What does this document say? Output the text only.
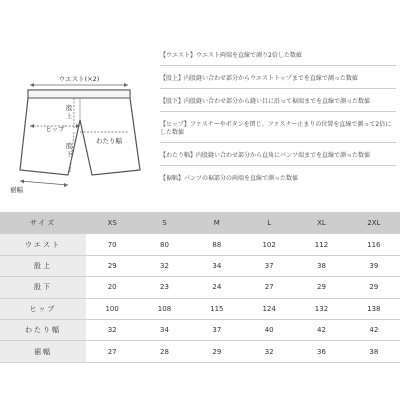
ウエスト(×2)
股
上
ヒップ
わたり幅
股
下
裾幅
【ウエスト】ウエスト両端を直線で測り2倍した数値
【股上】内股縫い合わせ部分からウエストトップまでを直線で測った数値
【股下】内股縫い合わせ部分から縫い目に沿って裾端までを直線で測った数値
【ヒップ】ファスナーやボタンを閉じ、ファスナー止まりの位置を直線で測って2倍にした数値
【わたり幅】内股縫い合わせ部分から直角にパンツ端までを直線で測った数値
【裾幅】パンツの裾部分の両端を直線で測った数値
サイズ	XS	S	M	L	XL	2XL
ウエスト	70	80	88	102	112	116
股上	29	32	34	37	38	39
股下	20	23	24	27	29	29
ヒップ	100	108	115	124	132	138
わたり幅	32	34	37	40	42	42
裾幅	27	28	29	32	36	38
